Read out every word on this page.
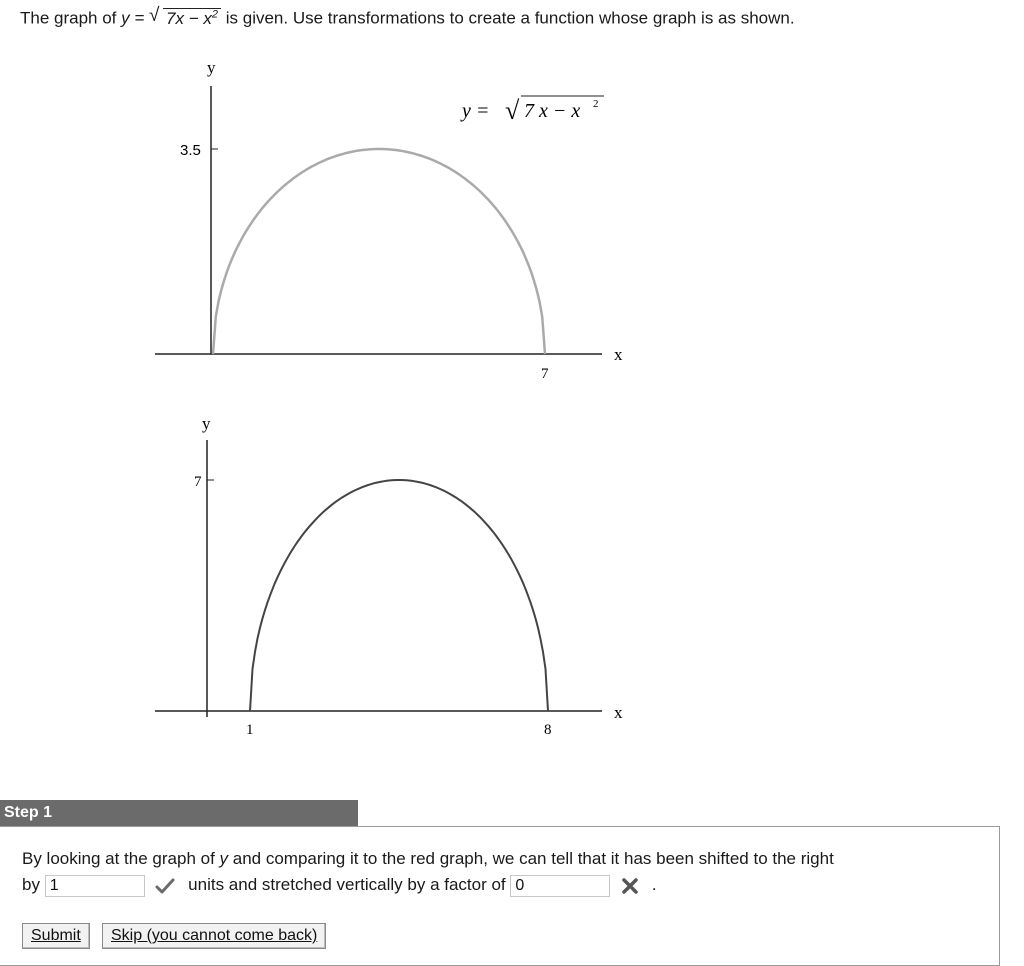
The graph of y = √ $7x - x^2$ is given. Use transformations to create a function whose graph is as shown.
y
x
3.5
7
y = √ 7 x − x 2
y
x
7
1	8
Step 1
By looking at the graph of y and comparing it to the red graph, we can tell that it has been shifted to the right
by 1	units and stretched vertically by a factor of 0	.
Submit	Skip (you cannot come back)
